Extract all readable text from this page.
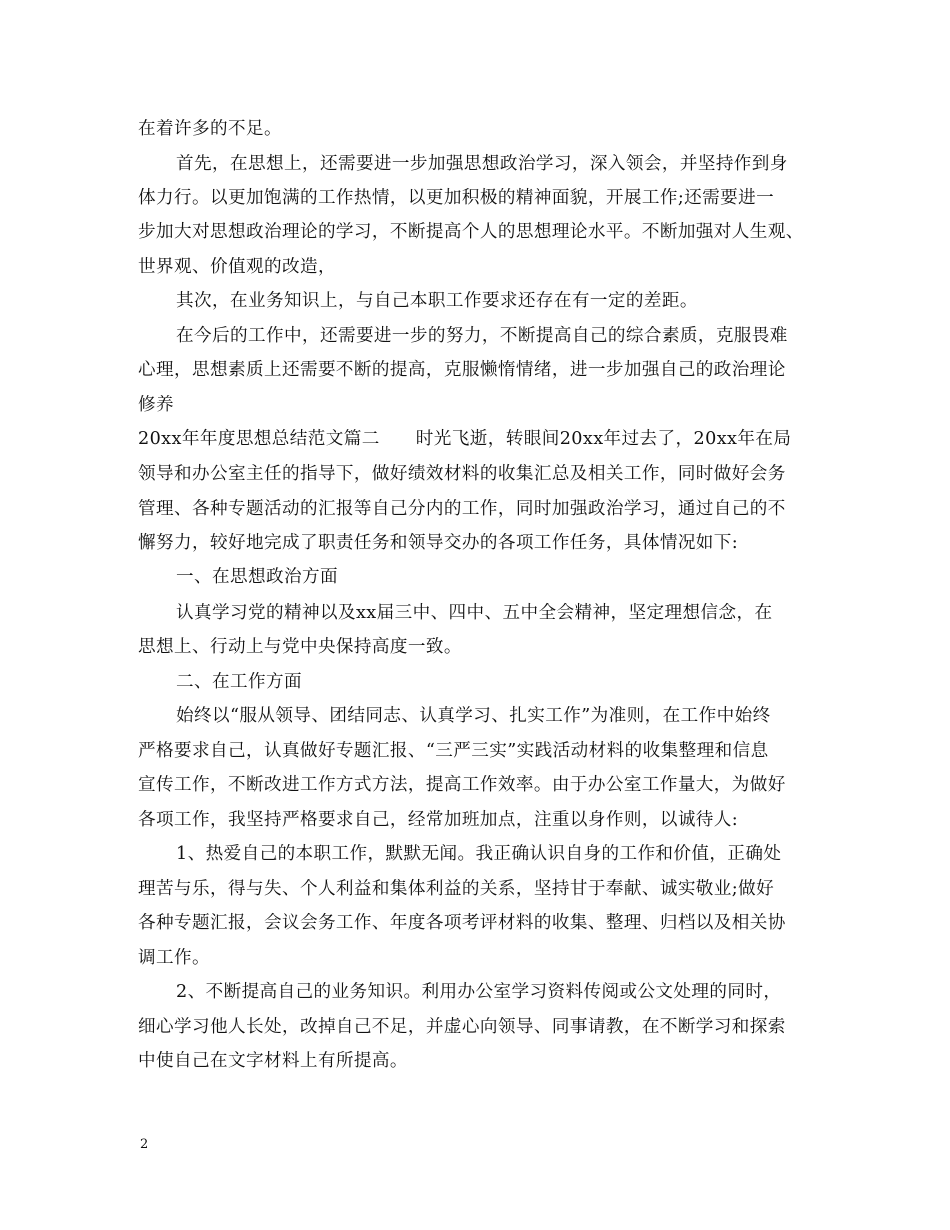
在着许多的不足。
首先，在思想上，还需要进一步加强思想政治学习，深入领会，并坚持作到身
体力行。以更加饱满的工作热情，以更加积极的精神面貌，开展工作;还需要进一
步加大对思想政治理论的学习，不断提高个人的思想理论水平。不断加强对人生观、
世界观、价值观的改造，
其次，在业务知识上，与自己本职工作要求还存在有一定的差距。
在今后的工作中，还需要进一步的努力，不断提高自己的综合素质，克服畏难
心理，思想素质上还需要不断的提高，克服懒惰情绪，进一步加强自己的政治理论
修养
20xx年年度思想总结范文篇二　　时光飞逝，转眼间20xx年过去了，20xx年在局
领导和办公室主任的指导下，做好绩效材料的收集汇总及相关工作，同时做好会务
管理、各种专题活动的汇报等自己分内的工作，同时加强政治学习，通过自己的不
懈努力，较好地完成了职责任务和领导交办的各项工作任务，具体情况如下:
一、在思想政治方面
认真学习党的精神以及xx届三中、四中、五中全会精神，坚定理想信念，在
思想上、行动上与党中央保持高度一致。
二、在工作方面
始终以“服从领导、团结同志、认真学习、扎实工作”为准则，在工作中始终
严格要求自己，认真做好专题汇报、“三严三实”实践活动材料的收集整理和信息
宣传工作，不断改进工作方式方法，提高工作效率。由于办公室工作量大，为做好
各项工作，我坚持严格要求自己，经常加班加点，注重以身作则，以诚待人:
1、热爱自己的本职工作，默默无闻。我正确认识自身的工作和价值，正确处
理苦与乐，得与失、个人利益和集体利益的关系，坚持甘于奉献、诚实敬业;做好
各种专题汇报，会议会务工作、年度各项考评材料的收集、整理、归档以及相关协
调工作。
2、不断提高自己的业务知识。利用办公室学习资料传阅或公文处理的同时，
细心学习他人长处，改掉自己不足，并虚心向领导、同事请教，在不断学习和探索
中使自己在文字材料上有所提高。
2
